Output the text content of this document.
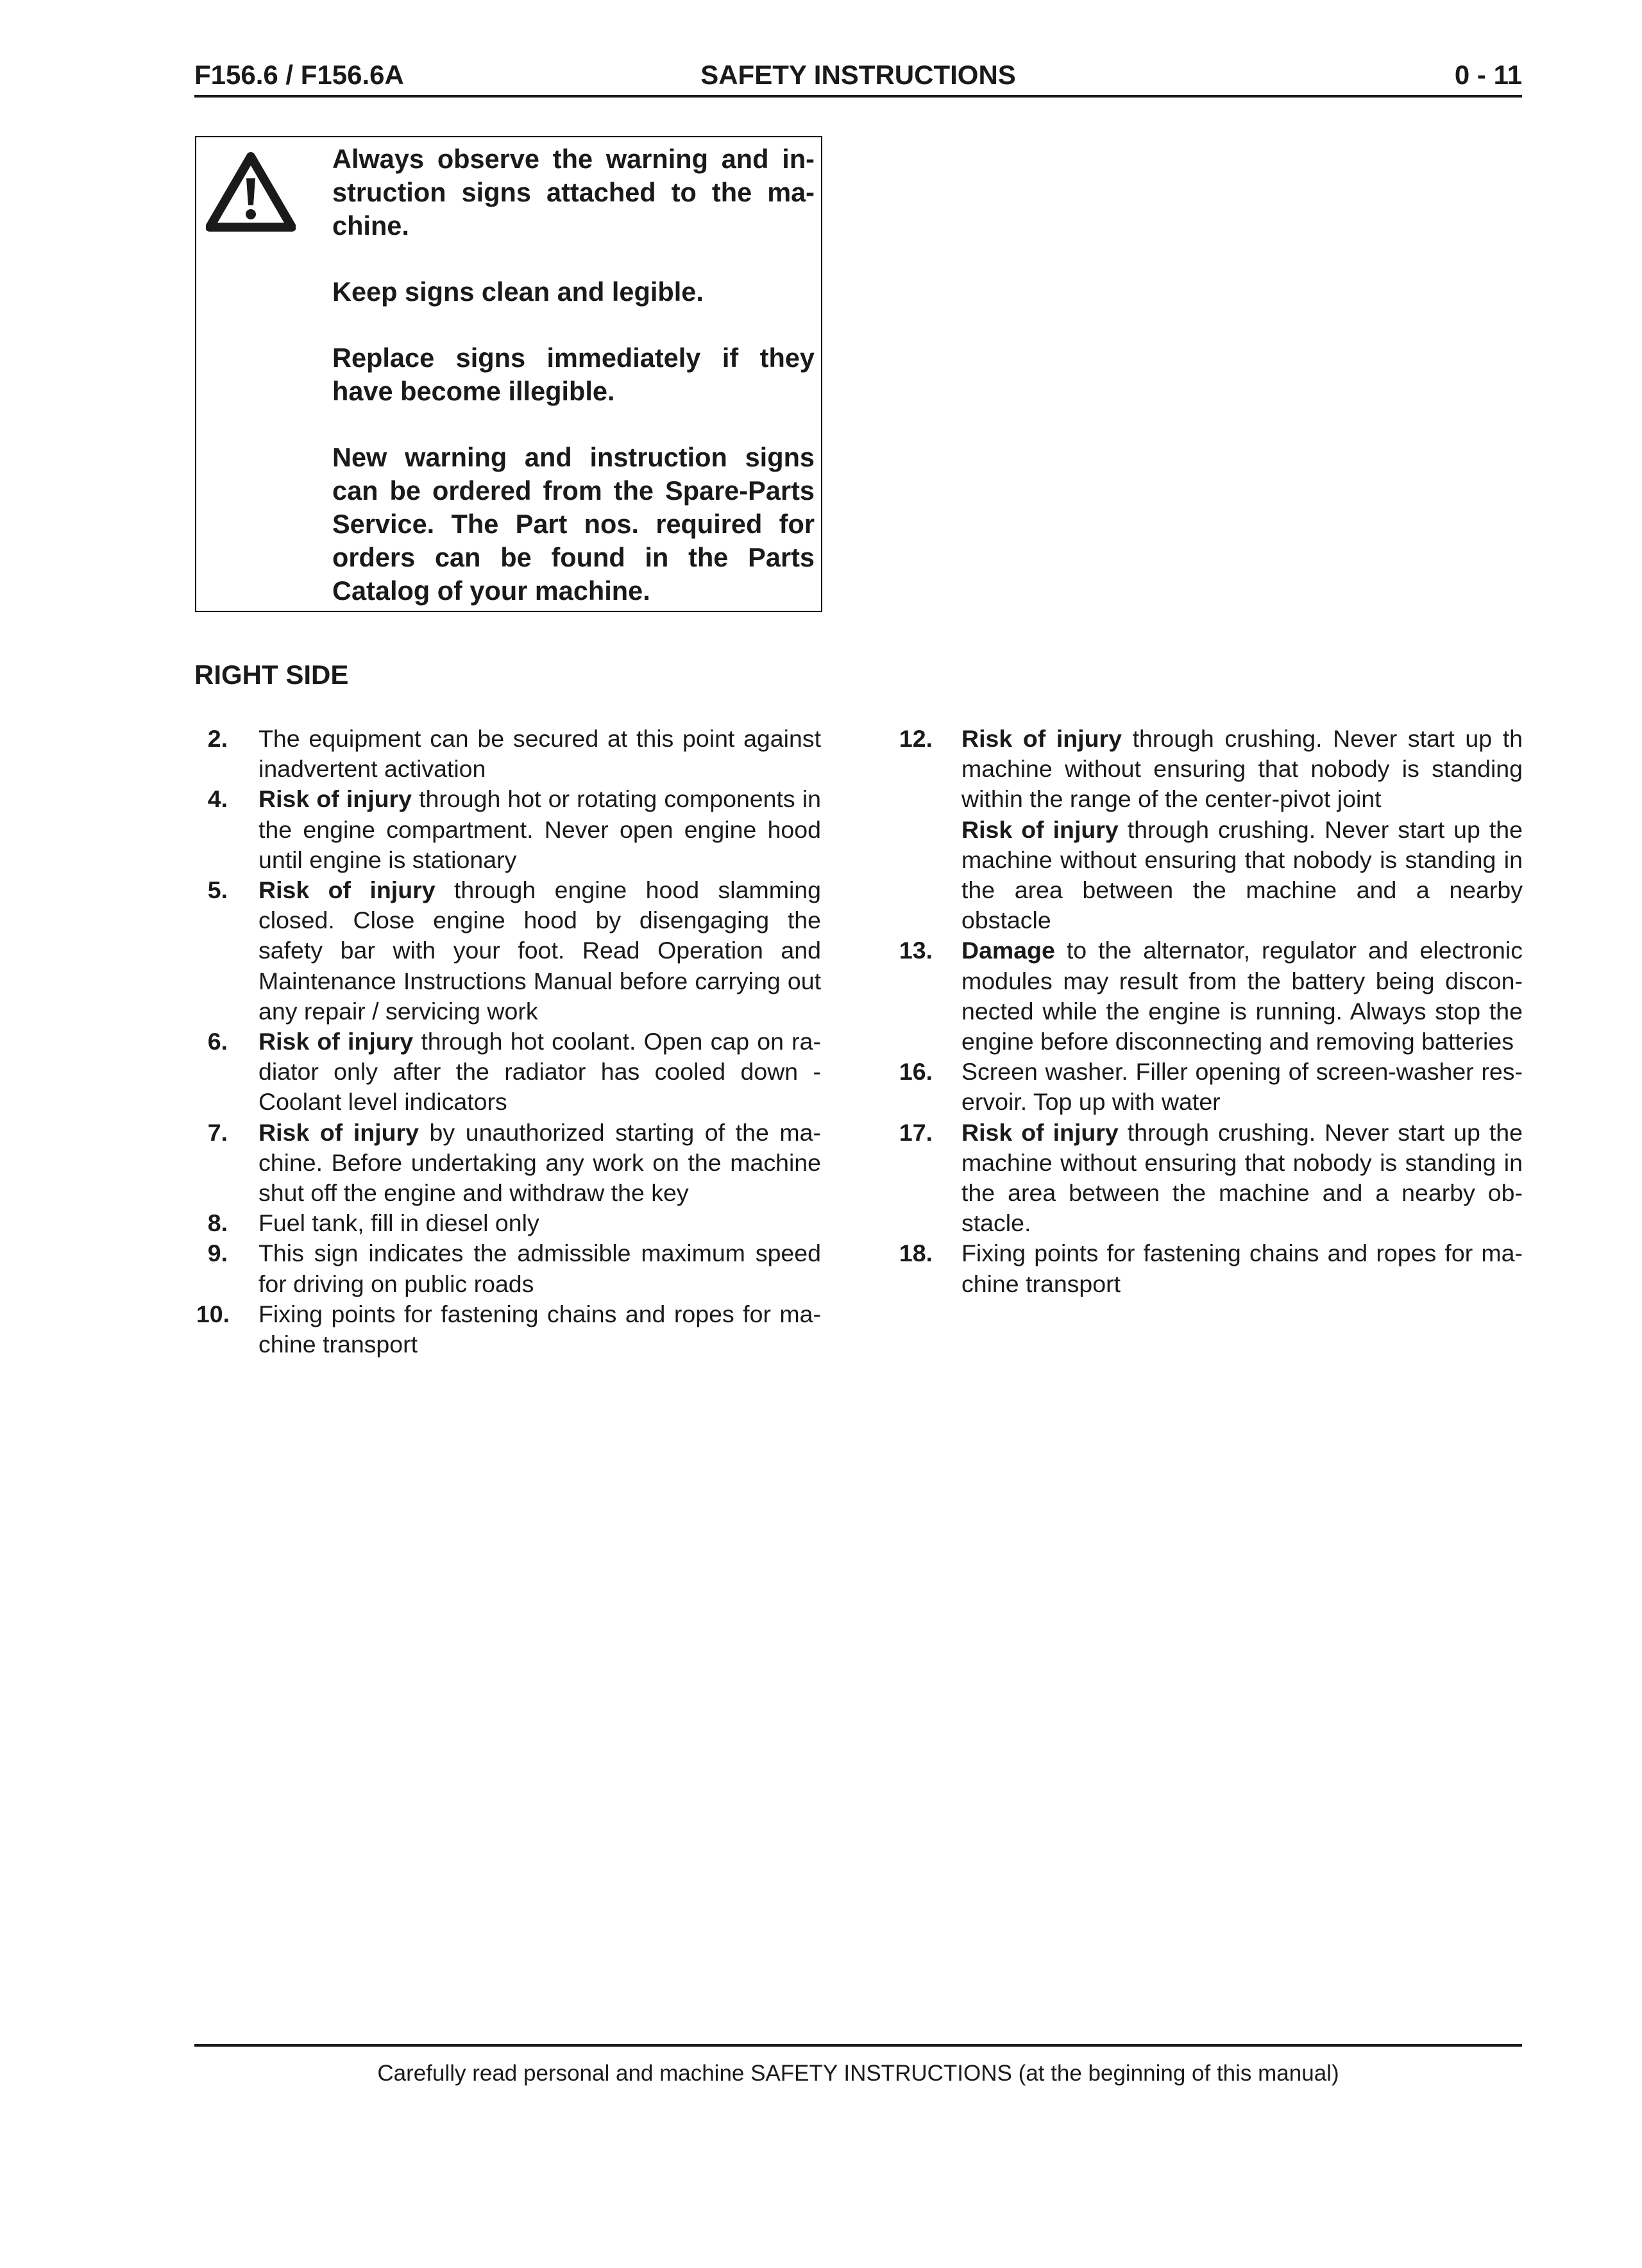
F156.6 / F156.6A	SAFETY INSTRUCTIONS	0 - 11

Always observe the warning and in-struction signs attached to the ma-chine.

Keep signs clean and legible.

Replace signs immediately if they have become illegible.

New warning and instruction signs can be ordered from the Spare-Parts Service. The Part nos. required for orders can be found in the Parts Catalog of your machine.

RIGHT SIDE
2. The equipment can be secured at this point against inadvertent activation
4. Risk of injury through hot or rotating components in the engine compartment. Never open engine hood until engine is stationary
5. Risk of injury through engine hood slamming closed. Close engine hood by disengaging the safety bar with your foot. Read Operation and Maintenance Instructions Manual before carrying out any repair / servicing work
6. Risk of injury through hot coolant. Open cap on ra-diator only after the radiator has cooled down - Coolant level indicators
7. Risk of injury by unauthorized starting of the ma-chine. Before undertaking any work on the machine shut off the engine and withdraw the key
8. Fuel tank, fill in diesel only
9. This sign indicates the admissible maximum speed for driving on public roads
10. Fixing points for fastening chains and ropes for ma-chine transport
12. Risk of injury through crushing. Never start up th machine without ensuring that nobody is standing within the range of the center-pivot joint
Risk of injury through crushing. Never start up the machine without ensuring that nobody is standing in the area between the machine and a nearby obstacle
13. Damage to the alternator, regulator and electronic modules may result from the battery being discon-nected while the engine is running. Always stop the engine before disconnecting and removing batteries
16. Screen washer. Filler opening of screen-washer res-ervoir. Top up with water
17. Risk of injury through crushing. Never start up the machine without ensuring that nobody is standing in the area between the machine and a nearby ob-stacle.
18. Fixing points for fastening chains and ropes for ma-chine transport
Carefully read personal and machine SAFETY INSTRUCTIONS (at the beginning of this manual)
